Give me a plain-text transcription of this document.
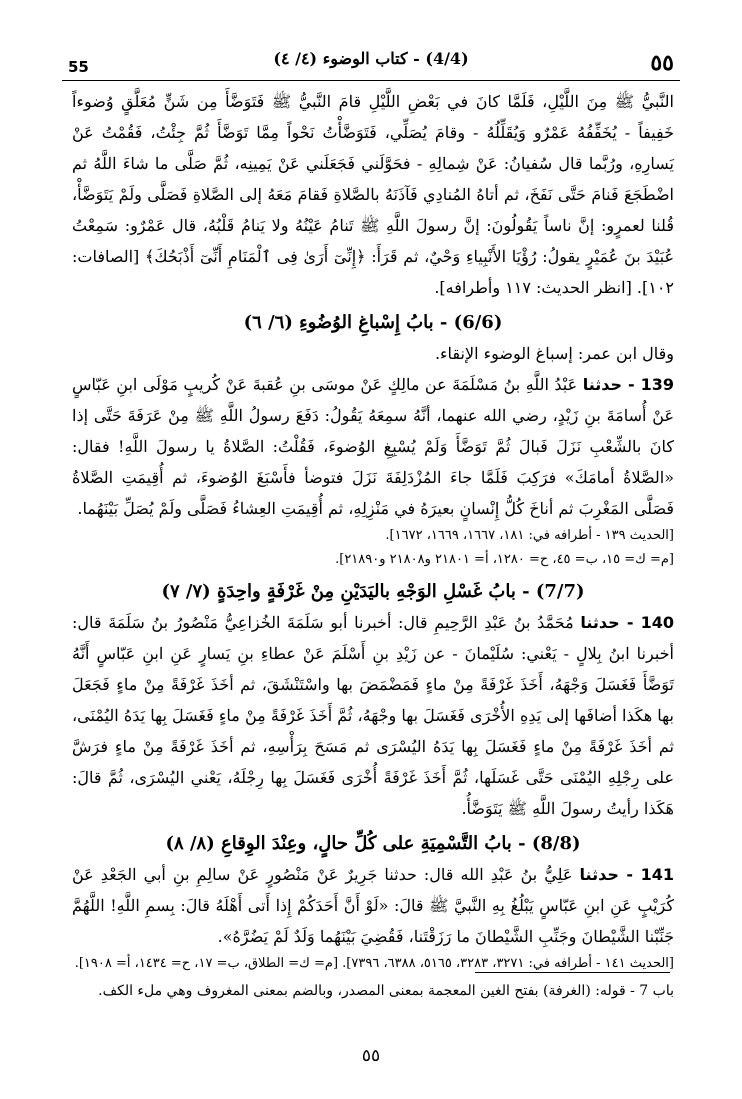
55	(4/4) - كتاب الوضوء (٤/ ٤)	٥٥

النَّبيُّ ﷺ مِنَ اللَّيْلِ، فَلَمَّا كانَ في بَعْضِ اللَّيْلِ قامَ النَّبيُّ ﷺ فَتَوَضَّأَ مِن شَنٍّ مُعَلَّقٍ وُضوءاً خَفِيفاً - يُخَفِّفُهُ عَمْرٌو وَيُقَلِّلُهُ - وقامَ يُصَلِّي، فَتَوَضَّأْتُ نَحْواً مِمَّا تَوَضَّأَ ثُمَّ جِئْتُ، فَقُمْتُ عَنْ يَسارِهِ، ورُبَّما قال سُفيانُ: عَنْ شِمالِهِ - فحَوَّلَني فَجَعَلَني عَنْ يَمِينِه، ثُمَّ صَلَّى ما شاءَ اللَّهُ ثم اضْطَجَعَ فَنامَ حَتَّى نَفَخَ، ثم أتاهُ المُنادِي فَآذَنَهُ بالصَّلاةِ فَقامَ مَعَهُ إلى الصَّلاةِ فَصَلَّى ولَمْ يَتَوَضَّأْ، قُلنا لعمرٍو: إنَّ ناساً يَقُولُونَ: إنَّ رسولَ اللَّهِ ﷺ تَنامُ عَيْنُهُ ولا يَنامُ قَلْبُهُ، قال عَمْرٌو: سَمِعْتُ عُبَيْدَ بنَ عُمَيْرٍ يقولُ: رُؤْيَا الأَنْبِياءِ وَحْيٌ، ثم قَرَأَ: ﴿إِنِّىٓ أَرَىٰ فِى ٱلْمَنَامِ أَنِّىٓ أَذْبَحُكَ﴾ [الصافات: ١٠٢]. [انظر الحديث: ١١٧ وأطرافه].

(6/6) - بابُ إِسْباغِ الوُضُوءِ (٦/ ٦)

وقال ابن عمر: إسباغ الوضوء الإنقاء.

139 - حدثنا عَبْدُ اللَّهِ بنُ مَسْلَمَةَ عن مالِكٍ عَنْ موسَى بنِ عُقبةَ عَنْ كُريبٍ مَوْلَى ابنِ عَبّاسٍ عَنْ أُسامَةَ بنِ زَيْدٍ، رضي الله عنهما، أنَّهُ سمِعَهُ يَقُولُ: دَفَعَ رسولُ اللَّهِ ﷺ مِنْ عَرَفَةَ حَتَّى إذا كانَ بالشِّعْبِ نَزَلَ فَبالَ ثُمَّ تَوَضَّأَ وَلَمْ يُسْبِغِ الوُضوءَ، فَقُلْتُ: الصَّلاةُ يا رسولَ اللَّهِ! فقال: «الصَّلاةُ أمامَكَ» فرَكِبَ فَلَمَّا جاءَ المُزْدَلِفَةَ نَزَلَ فتوضأ فأَسْبَغَ الوُضوءَ، ثم أُقِيمَتِ الصَّلاةُ فَصَلَّى المَغْرِبَ ثم أناخَ كُلُّ إِنْسانٍ بعيرَهُ في مَنْزِلِهِ، ثم أُقِيمَتِ العِشاءُ فَصَلَّى ولَمْ يُصَلِّ بَيْنَهُما.

[الحديث ١٣٩ - أطرافه في: ١٨١، ١٦٦٧، ١٦٦٩، ١٦٧٢].

[م= ك= ١٥، ب= ٤٥، ح= ١٢٨٠، أ= ٢١٨٠١ و٢١٨٠٨ و٢١٨٩٠].

(7/7) - بابُ غَسْلِ الوَجْهِ باليَدَيْنِ مِنْ غَرْفَةٍ واحِدَةٍ (٧/ ٧)

140 - حدثنا مُحَمَّدُ بنُ عَبْدِ الرَّحِيمِ قال: أخبرنا أبو سَلَمَةَ الخُزاعِيُّ مَنْصُورُ بنُ سَلَمَةَ قال: أخبرنا ابنُ بِلالٍ - يَعْني: سُلَيْمانَ - عن زَيْدِ بنِ أَسْلَمَ عَنْ عطاءِ بنِ يَسارٍ عَنِ ابنِ عَبّاسٍ أَنَّهُ تَوَضَّأَ فَغَسَلَ وَجْهَهُ، أَخَذَ غَرْفَةً مِنْ ماءٍ فَمَضْمَضَ بها واسْتَنْشَقَ، ثم أخَذَ غَرْفَةً مِنْ ماءٍ فَجَعَلَ بها هكَذا أضافَها إلى يَدِهِ الأُخْرَى فَغَسَلَ بها وجْهَهُ، ثُمَّ أَخَذَ غَرْفَةً مِنْ ماءٍ فَغَسَلَ بِها يَدَهُ اليُمْنَى، ثم أخَذَ غَرْفَةً مِنْ ماءٍ فَغَسَلَ بِها يَدَهُ اليُسْرَى ثم مَسَحَ بِرَأْسِهِ، ثم أخَذَ غَرْفَةً مِنْ ماءٍ فرَشَّ على رِجْلِهِ اليُمْنَى حَتَّى غَسَلَها، ثُمَّ أَخَذَ غَرْفَةً أُخْرَى فَغَسَلَ بِها رِجْلَهُ، يَعْني اليُسْرَى، ثُمَّ قالَ: هَكَذا رأيتُ رسولَ اللَّهِ ﷺ يَتَوَضَّأُ.

(8/8) - بابُ التَّسْمِيَةِ على كُلِّ حالٍ، وعِنْدَ الوِقاعِ (٨/ ٨)

141 - حدثنا عَلِيُّ بنُ عَبْدِ الله قال: حدثنا جَرِيرٌ عَنْ مَنْصُورٍ عَنْ سالِمِ بنِ أبي الجَعْدِ عَنْ كُرَيْبٍ عَنِ ابنِ عَبّاسٍ يَبْلُغُ بِهِ النَّبيَّ ﷺ قالَ: «لَوْ أَنَّ أَحَدَكُمْ إِذا أَتى أَهْلَهُ قالَ: بِسمِ اللَّهِ! اللَّهُمَّ جَنِّبْنا الشَّيْطانَ وجَنِّبِ الشَّيْطانَ ما رَزَقْتَنا، فَقُضِيَ بَيْنَهُما وَلَدٌ لَمْ يَضُرَّهُ».

[الحديث ١٤١ - أطرافه في: ٣٢٧١، ٣٢٨٣، ٥١٦٥، ٦٣٨٨، ٧٣٩٦]. [م= ك= الطلاق، ب= ١٧، ح= ١٤٣٤، أ= ١٩٠٨].

باب 7 - قوله: (الغرفة) بفتح الغين المعجمة بمعنى المصدر، وبالضم بمعنى المغروف وهي ملء الكف.
٥٥
